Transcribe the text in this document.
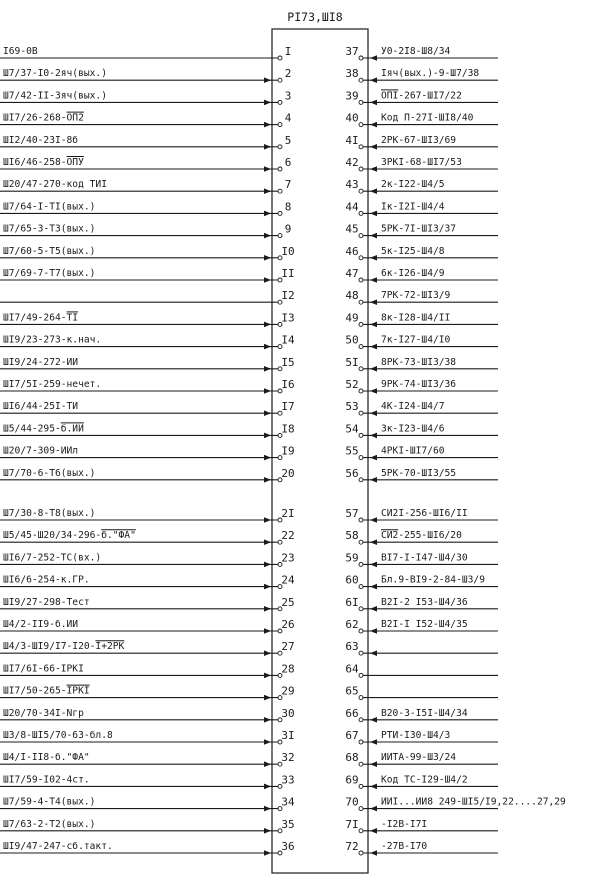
PI73,ШI8
I69-0B	I
Ш7/37-I0-2яч(вых.)	2
Ш7/42-II-3яч(вых.)	3
ШI7/26-268-ОП2	4
ШI2/40-23I-8б	5
ШI6/46-258-ОПУ	6
Ш20/47-270-код ТИI	7
Ш7/64-I-TI(вых.)	8
Ш7/65-3-T3(вых.)	9
Ш7/60-5-T5(вых.)	I0
Ш7/69-7-T7(вых.)	II
I2
ШI7/49-264-TI	I3
ШI9/23-273-к.нач.	I4
ШI9/24-272-ИИ	I5
ШI7/5I-259-нечет.	I6
ШI6/44-25I-ТИ	I7
Ш5/44-295-б.ИИ	I8
Ш20/7-309-ИИл	I9
Ш7/70-6-T6(вых.)	20
Ш7/30-8-T8(вых.)	2I
Ш5/45-Ш20/34-296-б."ФА"	22
ШI6/7-252-ТС(вх.)	23
ШI6/6-254-к.ГР.	24
ШI9/27-298-Тест	25
Ш4/2-II9-б.ИИ	26
Ш4/3-ШI9/I7-I20-I+2РК	27
ШI7/6I-66-IРКI	28
ШI7/50-265-IРКI	29
Ш20/70-34I-Nгр	30
Ш3/8-ШI5/70-63-бл.8	3I
Ш4/I-II8-б."ФА"	32
ШI7/59-I02-4ст.	33
Ш7/59-4-T4(вых.)	34
Ш7/63-2-T2(вых.)	35
ШI9/47-247-сб.такт.	36
37 У0-2I8-Ш8/34
38 Iяч(вых.)-9-Ш7/38
39 ОПI-267-ШI7/22
40 Код П-27I-ШI8/40
4I 2РК-67-ШI3/69
42 3РКI-68-ШI7/53
43 2к-I22-Ш4/5
44 Iк-I2I-Ш4/4
45 5РК-7I-ШI3/37
46 5к-I25-Ш4/8
47 6к-I26-Ш4/9
48 7РК-72-ШI3/9
49 8к-I28-Ш4/II
50 7к-I27-Ш4/I0
5I 8РК-73-ШI3/38
52 9РК-74-ШI3/36
53 4К-I24-Ш4/7
54 3к-I23-Ш4/6
55 4РКI-ШI7/60
56 5РК-70-ШI3/55
57 СИ2I-256-ШI6/II
58 СИ2-255-ШI6/20
59 BI7-I-I47-Ш4/30
60 Бл.9-BI9-2-84-Ш3/9
6I B2I-2 I53-Ш4/36
62 B2I-I I52-Ш4/35
63
64
65
66 B20-3-I5I-Ш4/34
67 РТИ-I30-Ш4/3
68 ИИТА-99-Ш3/24
69 Код ТС-I29-Ш4/2
70 ИИI...ИИ8 249-ШI5/I9,22....27,29
7I -I2B-I7I
72 -27B-I70
